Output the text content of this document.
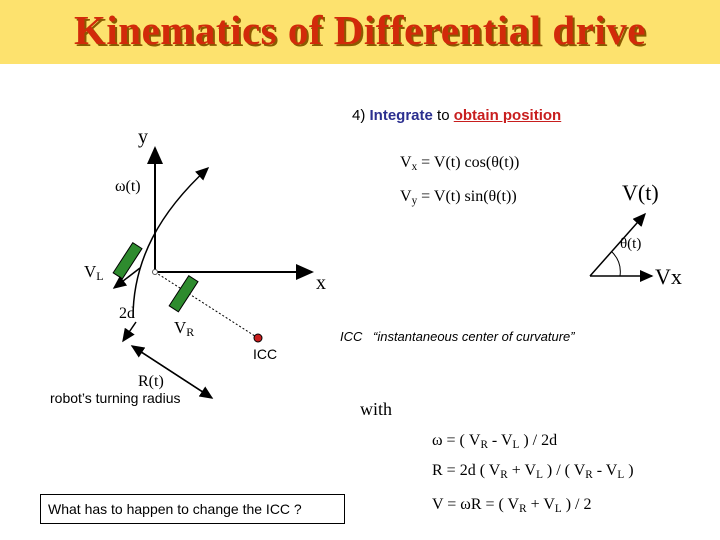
Kinematics of Differential drive
4) Integrate to obtain position
y
x
ω(t)
$V_L$
2d
$V_R$
ICC
R(t)
robot’s turning radius
ICC “instantaneous center of curvature”
$V_x = V(t)$ cos(θ(t))
$V_y = V(t)$ sin(θ(t))	V(t)
θ(t)
Vx
with
ω = ( $V_R - V_L$ ) / 2d
R = 2d ( $V_R + V_L$ ) / ( $V_R - V_L$ )
V = ωR = ( $V_R + V_L$ ) / 2
What has to happen to change the ICC ?
